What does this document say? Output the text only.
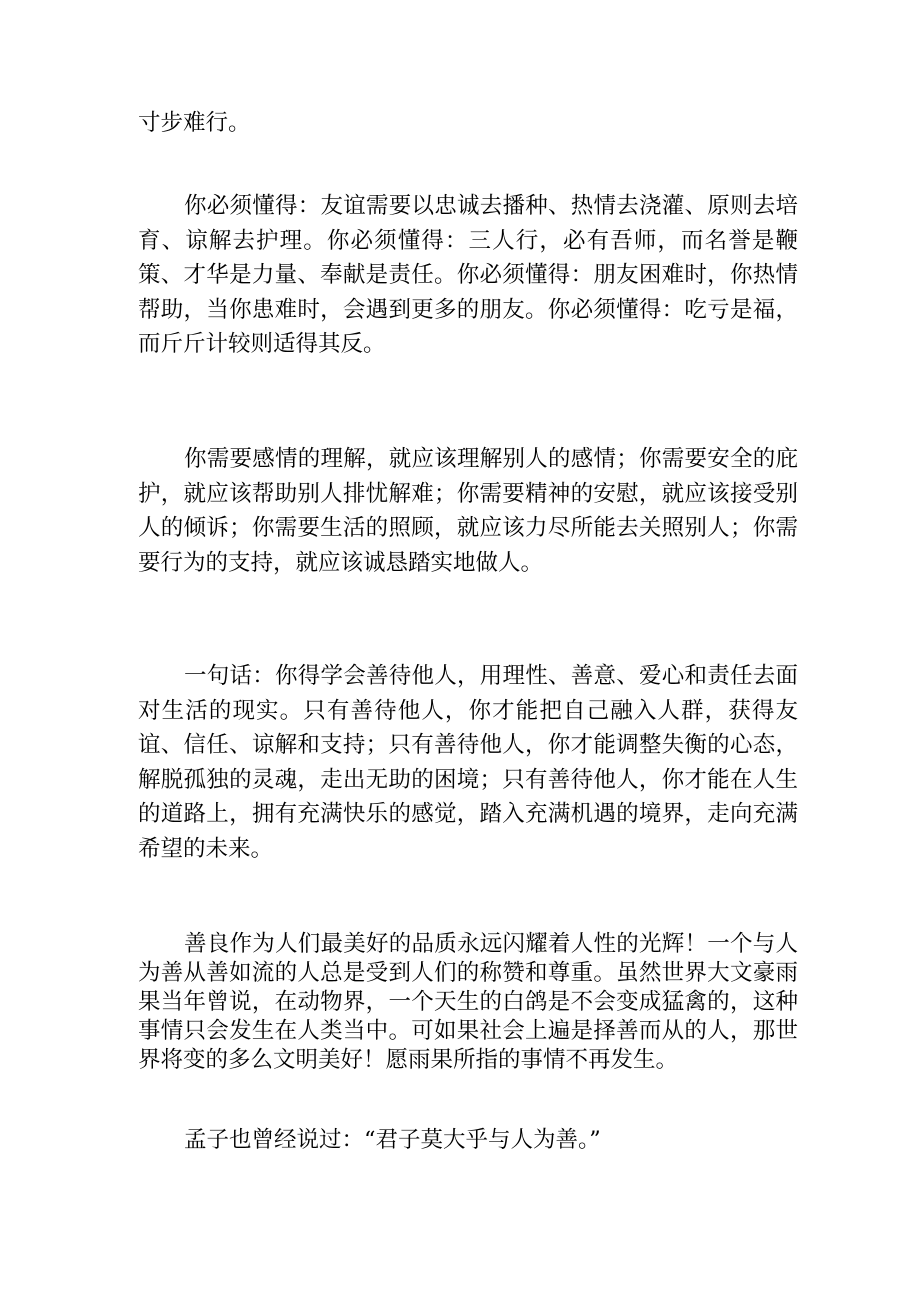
寸步难行。

你必须懂得：友谊需要以忠诚去播种、热情去浇灌、原则去培育、谅解去护理。你必须懂得：三人行，必有吾师，而名誉是鞭策、才华是力量、奉献是责任。你必须懂得：朋友困难时，你热情帮助，当你患难时，会遇到更多的朋友。你必须懂得：吃亏是福，而斤斤计较则适得其反。

你需要感情的理解，就应该理解别人的感情；你需要安全的庇护，就应该帮助别人排忧解难；你需要精神的安慰，就应该接受别人的倾诉；你需要生活的照顾，就应该力尽所能去关照别人；你需要行为的支持，就应该诚恳踏实地做人。

一句话：你得学会善待他人，用理性、善意、爱心和责任去面对生活的现实。只有善待他人，你才能把自己融入人群，获得友谊、信任、谅解和支持；只有善待他人，你才能调整失衡的心态，解脱孤独的灵魂，走出无助的困境；只有善待他人，你才能在人生的道路上，拥有充满快乐的感觉，踏入充满机遇的境界，走向充满希望的未来。

善良作为人们最美好的品质永远闪耀着人性的光辉！一个与人为善从善如流的人总是受到人们的称赞和尊重。虽然世界大文豪雨果当年曾说，在动物界，一个天生的白鸽是不会变成猛禽的，这种事情只会发生在人类当中。可如果社会上遍是择善而从的人，那世界将变的多么文明美好！愿雨果所指的事情不再发生。

孟子也曾经说过：“君子莫大乎与人为善。”
